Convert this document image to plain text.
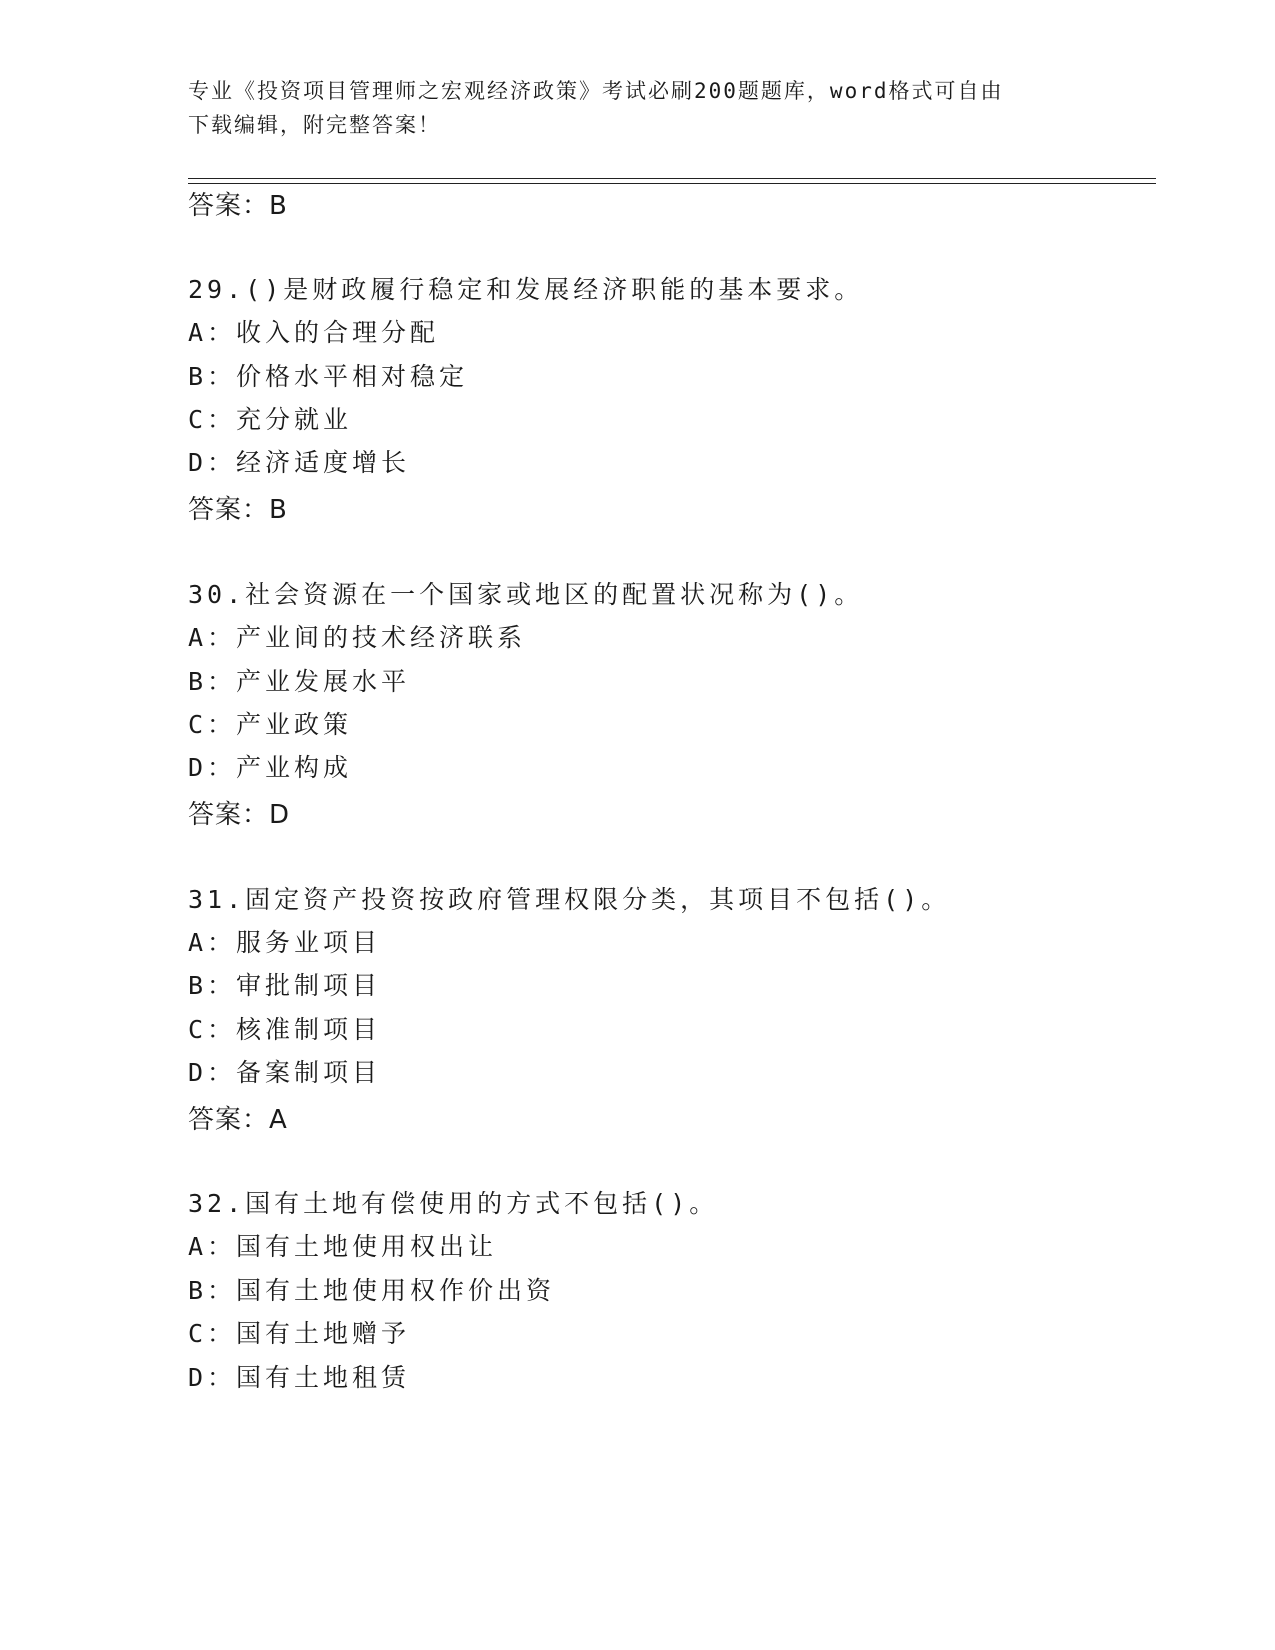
专业《投资项目管理师之宏观经济政策》考试必刷200题题库，word格式可自由
下载编辑，附完整答案！
答案：B
29.()是财政履行稳定和发展经济职能的基本要求。
A：收入的合理分配
B：价格水平相对稳定
C：充分就业
D：经济适度增长
答案：B
30.社会资源在一个国家或地区的配置状况称为()。
A：产业间的技术经济联系
B：产业发展水平
C：产业政策
D：产业构成
答案：D
31.固定资产投资按政府管理权限分类，其项目不包括()。
A：服务业项目
B：审批制项目
C：核准制项目
D：备案制项目
答案：A
32.国有土地有偿使用的方式不包括()。
A：国有土地使用权出让
B：国有土地使用权作价出资
C：国有土地赠予
D：国有土地租赁
